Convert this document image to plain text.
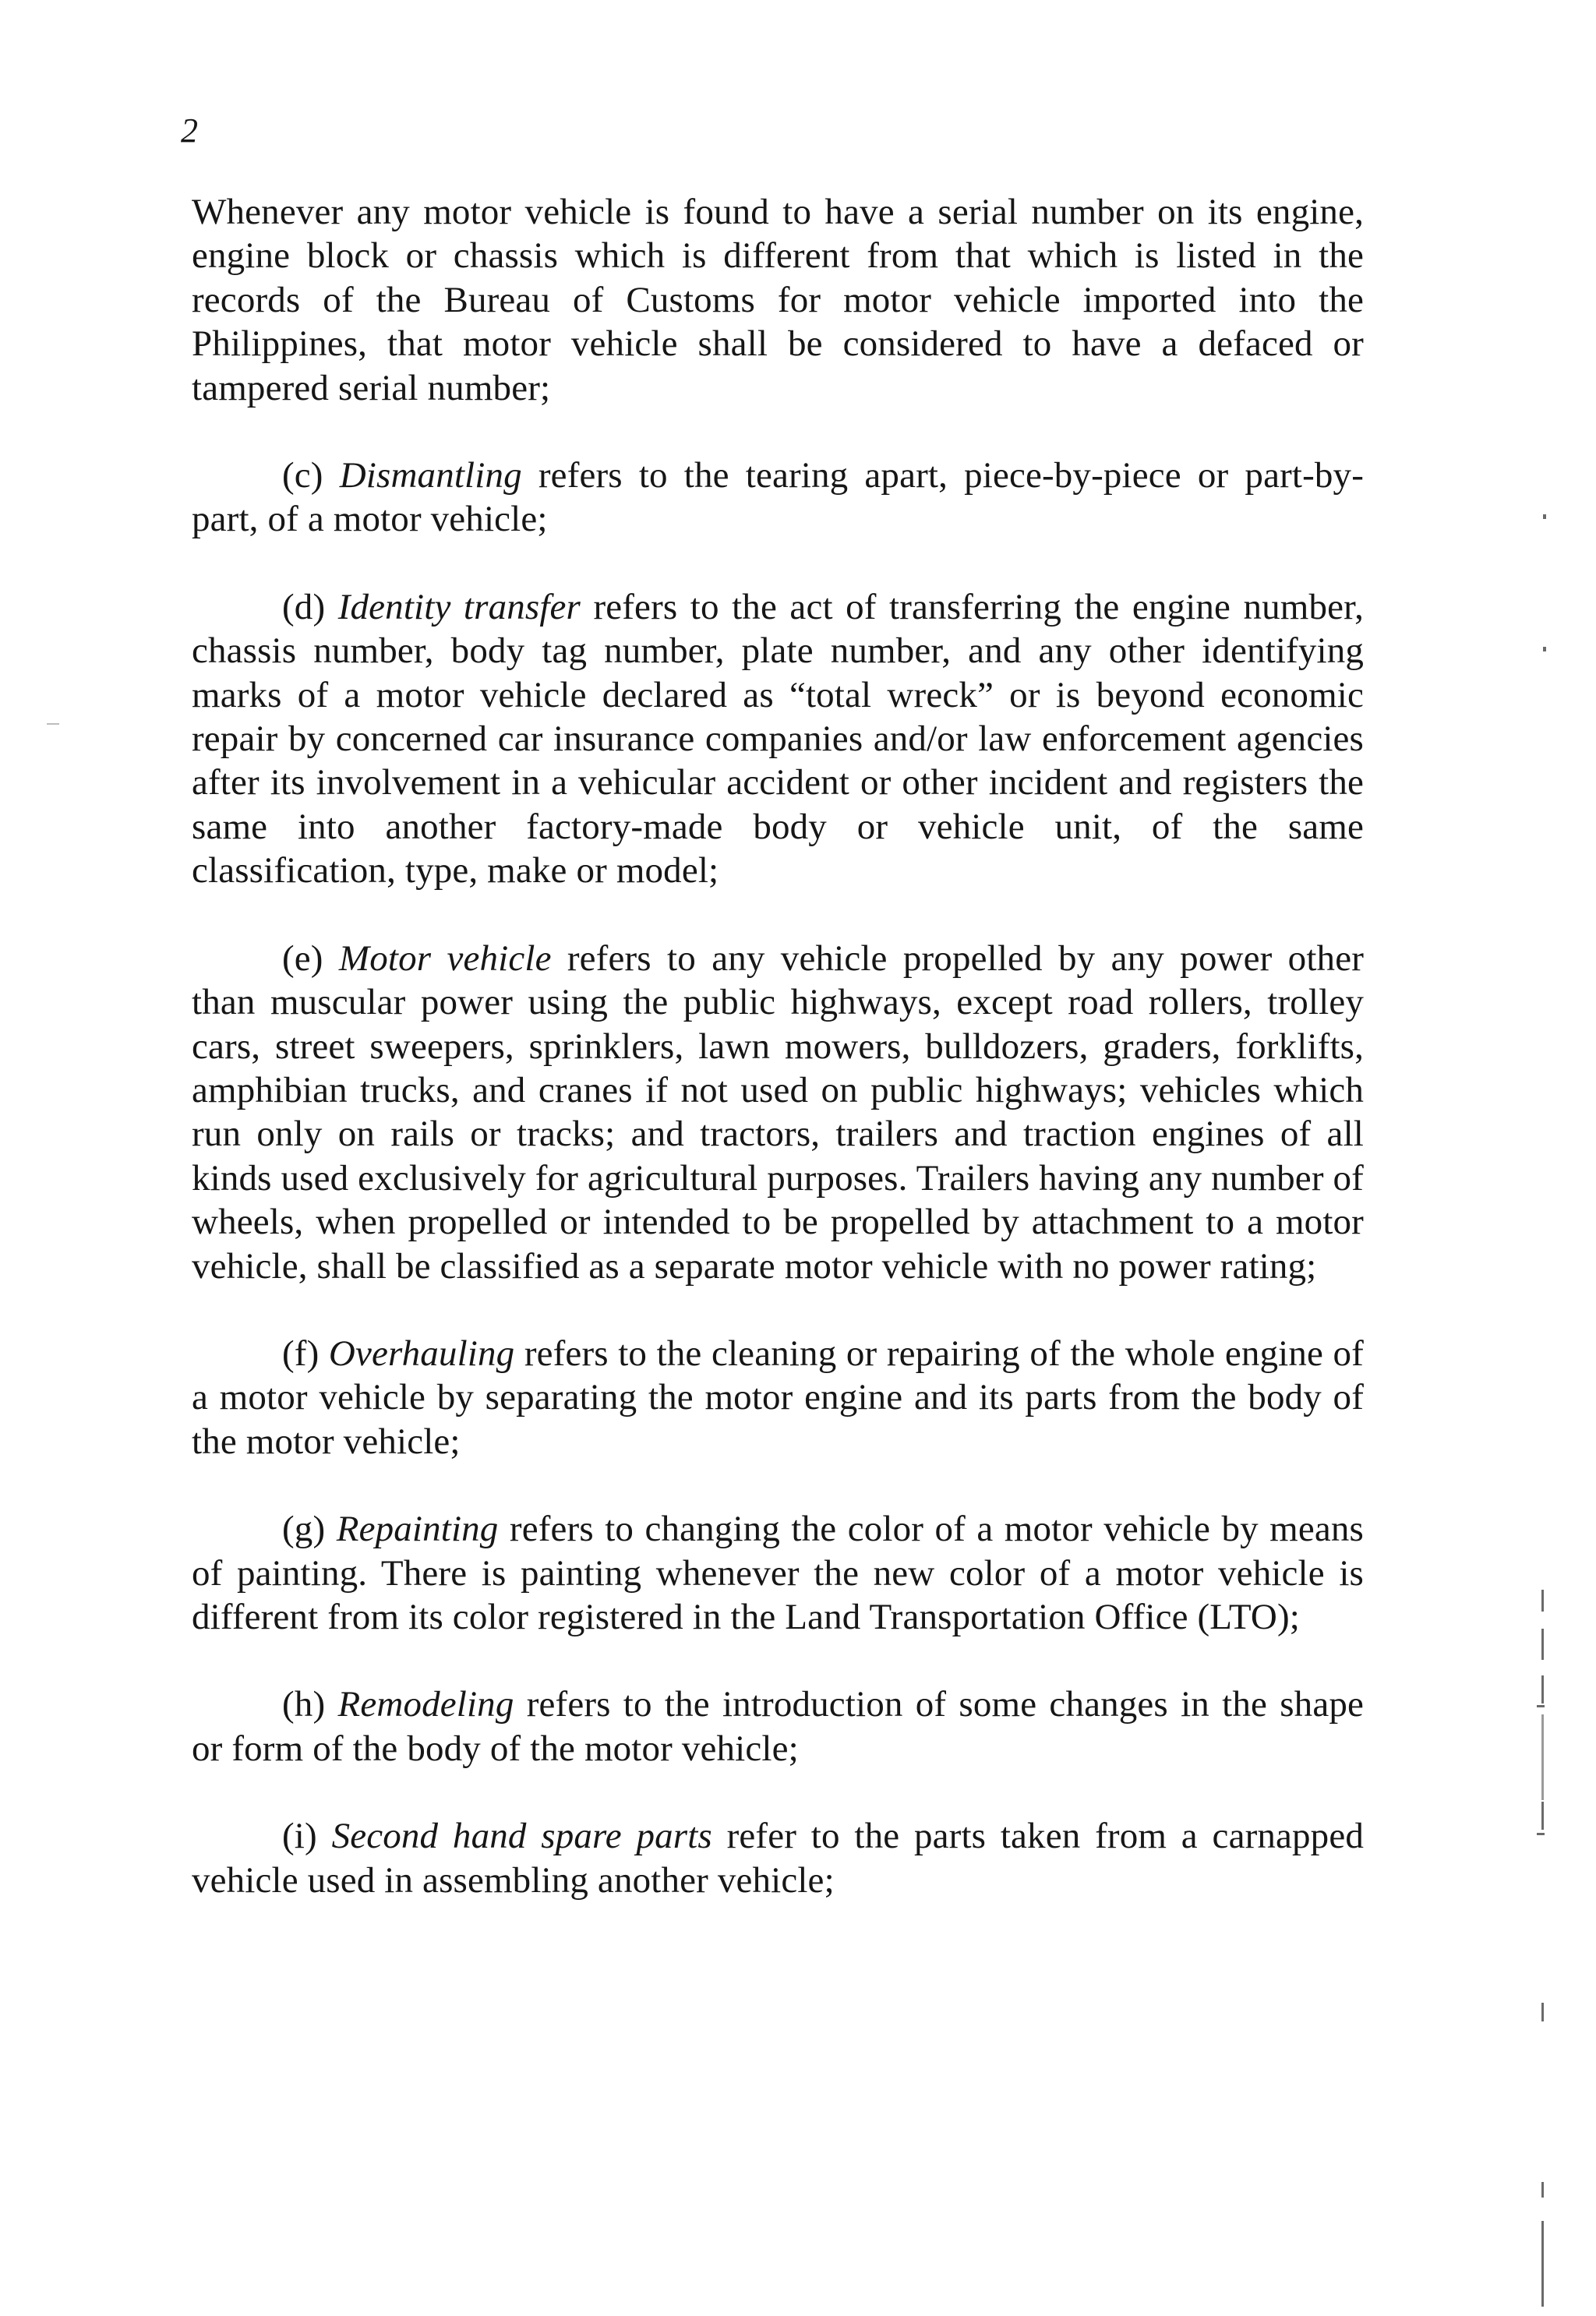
2

Whenever any motor vehicle is found to have a serial number on its engine, engine block or chassis which is different from that which is listed in the records of the Bureau of Customs for motor vehicle imported into the Philippines, that motor vehicle shall be considered to have a defaced or tampered serial number;

(c) Dismantling refers to the tearing apart, piece-by-piece or part-by-part, of a motor vehicle;

(d) Identity transfer refers to the act of transferring the engine number, chassis number, body tag number, plate number, and any other identifying marks of a motor vehicle declared as “total wreck” or is beyond economic repair by concerned car insurance companies and/or law enforcement agencies after its involvement in a vehicular accident or other incident and registers the same into another factory-made body or vehicle unit, of the same classification, type, make or model;

(e) Motor vehicle refers to any vehicle propelled by any power other than muscular power using the public highways, except road rollers, trolley cars, street sweepers, sprinklers, lawn mowers, bulldozers, graders, forklifts, amphibian trucks, and cranes if not used on public highways; vehicles which run only on rails or tracks; and tractors, trailers and traction engines of all kinds used exclusively for agricultural purposes. Trailers having any number of wheels, when propelled or intended to be propelled by attachment to a motor vehicle, shall be classified as a separate motor vehicle with no power rating;

(f) Overhauling refers to the cleaning or repairing of the whole engine of a motor vehicle by separating the motor engine and its parts from the body of the motor vehicle;

(g) Repainting refers to changing the color of a motor vehicle by means of painting. There is painting whenever the new color of a motor vehicle is different from its color registered in the Land Transportation Office (LTO);

(h) Remodeling refers to the introduction of some changes in the shape or form of the body of the motor vehicle;

(i) Second hand spare parts refer to the parts taken from a carnapped vehicle used in assembling another vehicle;
